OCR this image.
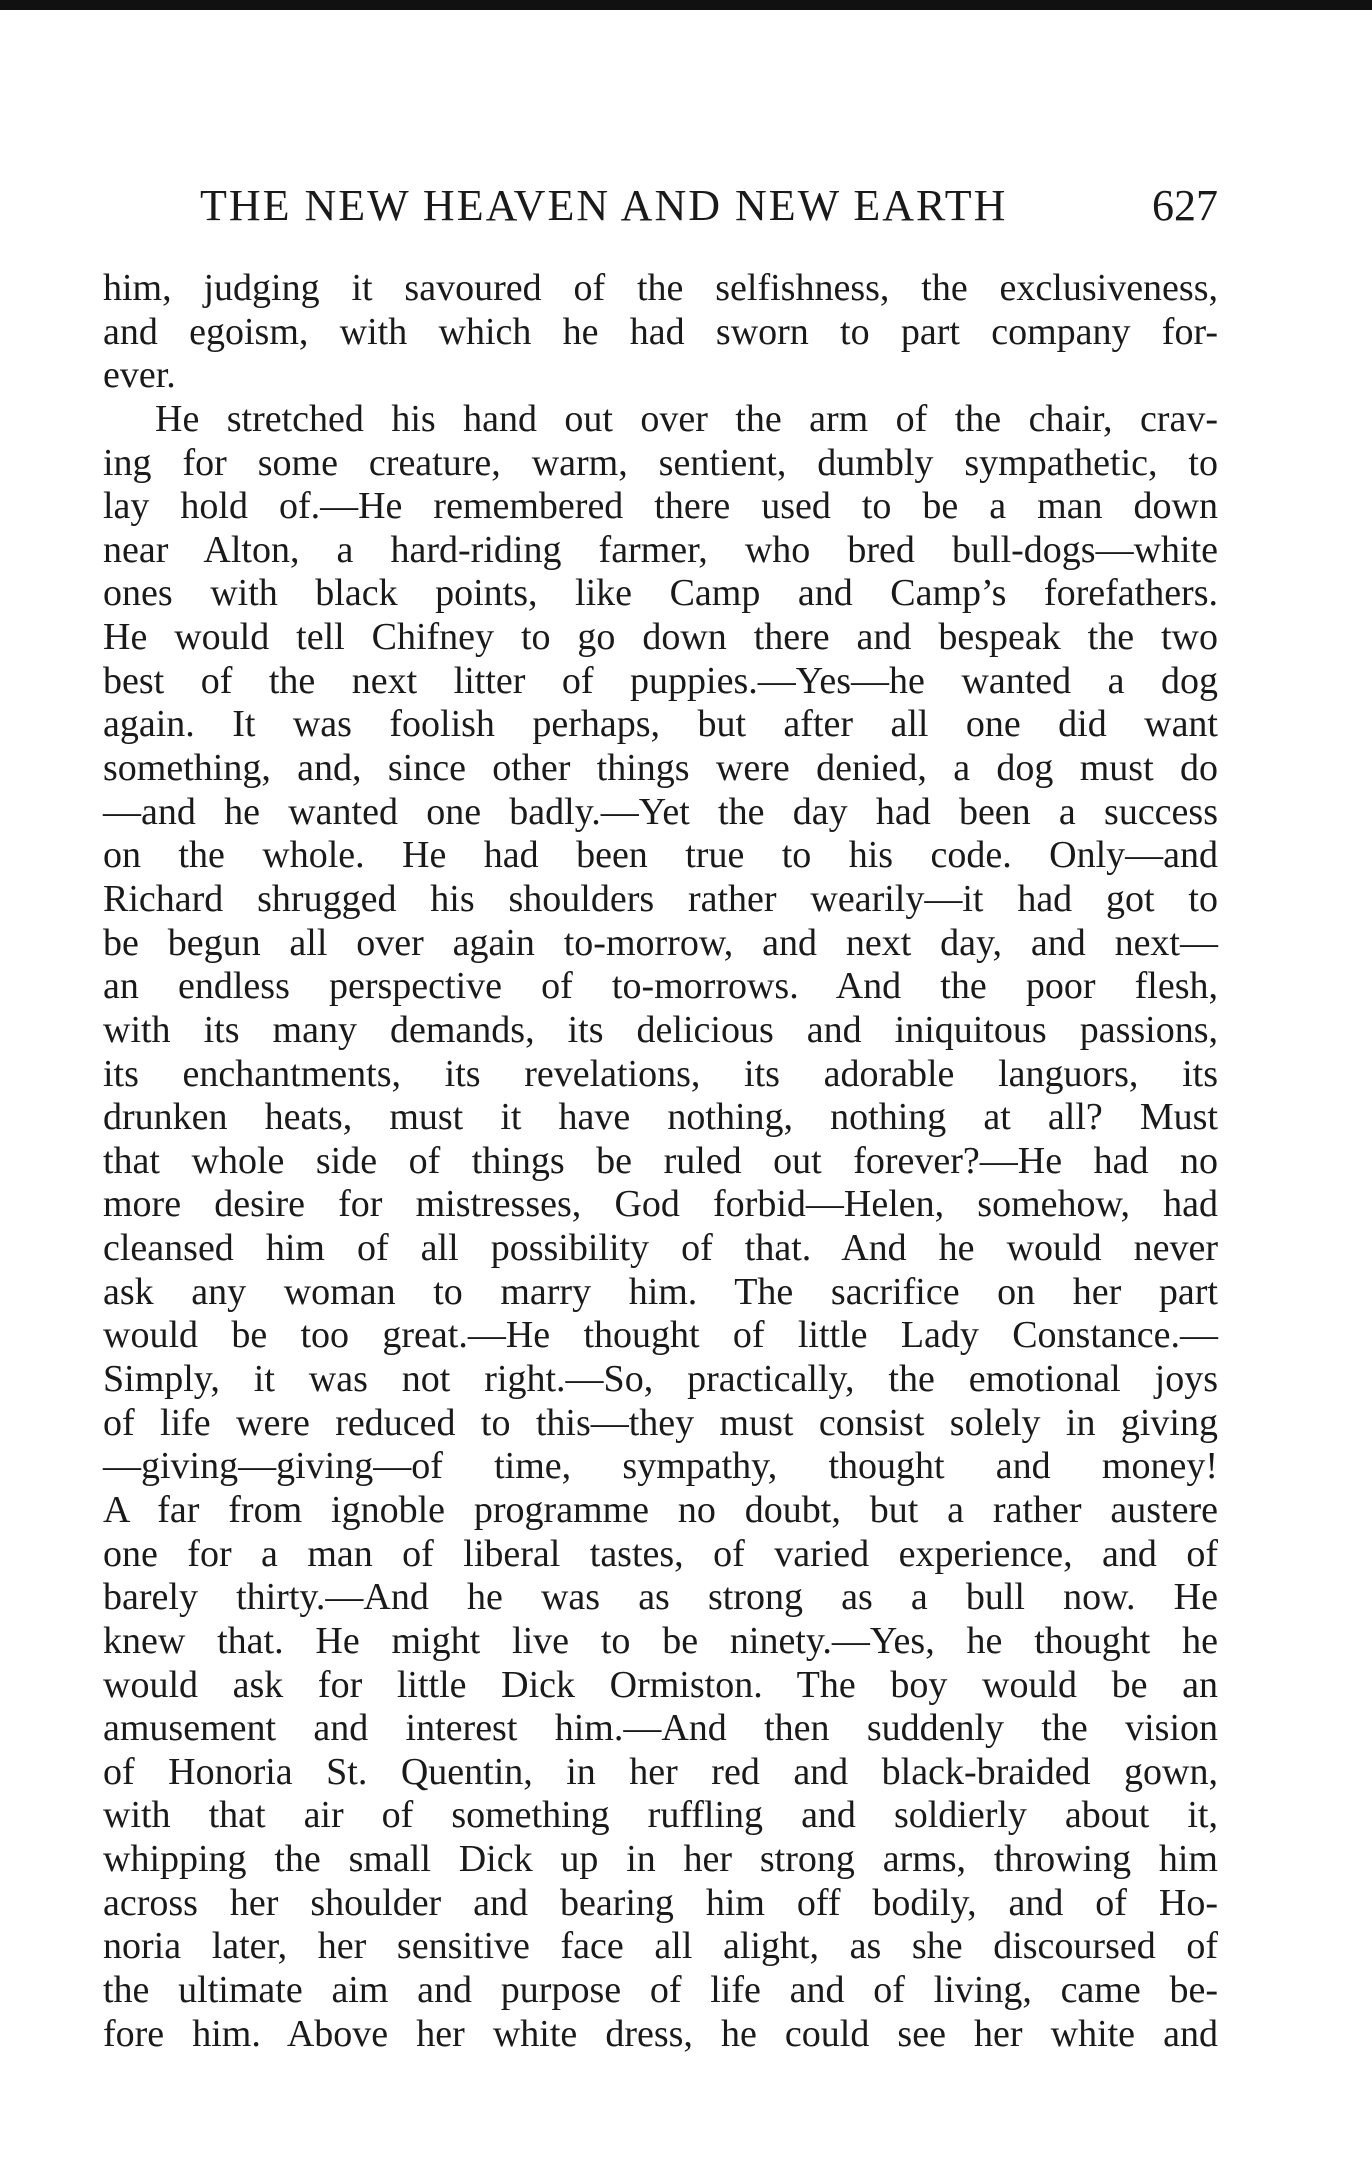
THE NEW HEAVEN AND NEW EARTH	627
him, judging it savoured of the selfishness, the exclusiveness,
and egoism, with which he had sworn to part company for-
ever.
He stretched his hand out over the arm of the chair, crav-
ing for some creature, warm, sentient, dumbly sympathetic, to
lay hold of.—He remembered there used to be a man down
near Alton, a hard-riding farmer, who bred bull-dogs—white
ones with black points, like Camp and Camp’s forefathers.
He would tell Chifney to go down there and bespeak the two
best of the next litter of puppies.—Yes—he wanted a dog
again. It was foolish perhaps, but after all one did want
something, and, since other things were denied, a dog must do
—and he wanted one badly.—Yet the day had been a success
on the whole. He had been true to his code. Only—and
Richard shrugged his shoulders rather wearily—it had got to
be begun all over again to-morrow, and next day, and next—
an endless perspective of to-morrows. And the poor flesh,
with its many demands, its delicious and iniquitous passions,
its enchantments, its revelations, its adorable languors, its
drunken heats, must it have nothing, nothing at all? Must
that whole side of things be ruled out forever?—He had no
more desire for mistresses, God forbid—Helen, somehow, had
cleansed him of all possibility of that. And he would never
ask any woman to marry him. The sacrifice on her part
would be too great.—He thought of little Lady Constance.—
Simply, it was not right.—So, practically, the emotional joys
of life were reduced to this—they must consist solely in giving
—giving—giving—of time, sympathy, thought and money!
A far from ignoble programme no doubt, but a rather austere
one for a man of liberal tastes, of varied experience, and of
barely thirty.—And he was as strong as a bull now. He
knew that. He might live to be ninety.—Yes, he thought he
would ask for little Dick Ormiston. The boy would be an
amusement and interest him.—And then suddenly the vision
of Honoria St. Quentin, in her red and black-braided gown,
with that air of something ruffling and soldierly about it,
whipping the small Dick up in her strong arms, throwing him
across her shoulder and bearing him off bodily, and of Ho-
noria later, her sensitive face all alight, as she discoursed of
the ultimate aim and purpose of life and of living, came be-
fore him. Above her white dress, he could see her white and
